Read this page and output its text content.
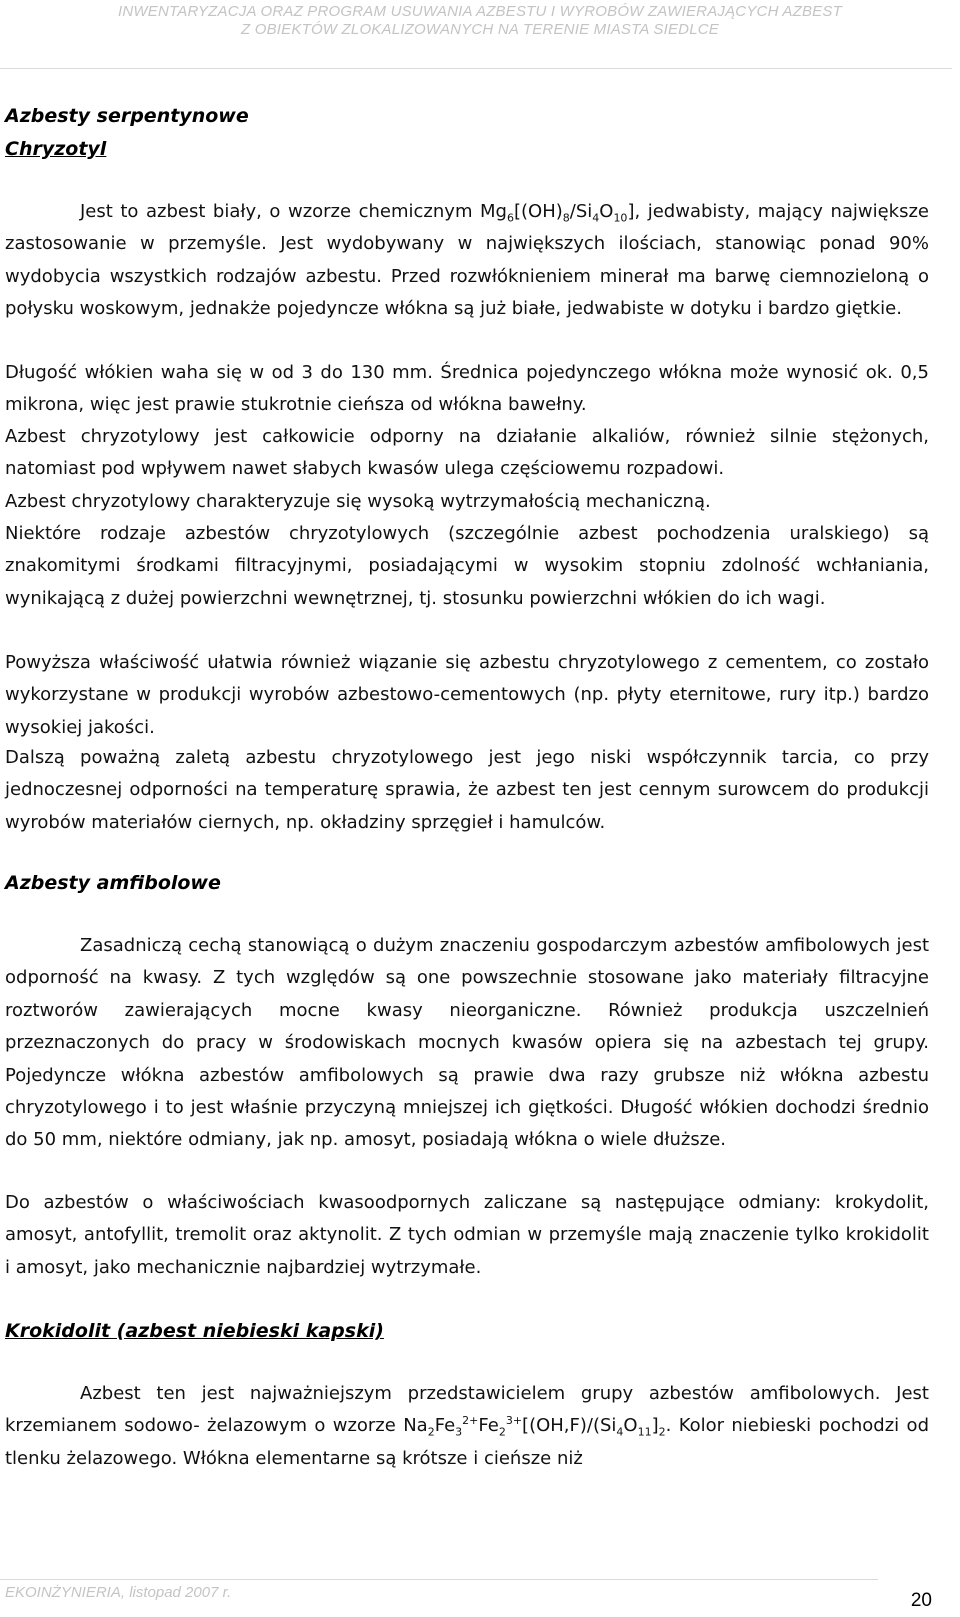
INWENTARYZACJA ORAZ PROGRAM USUWANIA AZBESTU I WYROBÓW ZAWIERAJĄCYCH AZBEST
Z OBIEKTÓW ZLOKALIZOWANYCH NA TERENIE MIASTA SIEDLCE
Azbesty serpentynowe
Chryzotyl

Jest to azbest biały, o wzorze chemicznym $Mg_6[(OH)_8/Si_4O_{10}]$, jedwabisty, mający największe zastosowanie w przemyśle. Jest wydobywany w największych ilościach, stanowiąc ponad 90% wydobycia wszystkich rodzajów azbestu. Przed rozwłóknieniem minerał ma barwę ciemnozieloną o połysku woskowym, jednakże pojedyncze włókna są już białe, jedwabiste w dotyku i bardzo giętkie.

Długość włókien waha się w od 3 do 130 mm. Średnica pojedynczego włókna może wynosić ok. 0,5 mikrona, więc jest prawie stukrotnie cieńsza od włókna bawełny.

Azbest chryzotylowy jest całkowicie odporny na działanie alkaliów, również silnie stężonych, natomiast pod wpływem nawet słabych kwasów ulega częściowemu rozpadowi.

Azbest chryzotylowy charakteryzuje się wysoką wytrzymałością mechaniczną.

Niektóre rodzaje azbestów chryzotylowych (szczególnie azbest pochodzenia uralskiego) są znakomitymi środkami filtracyjnymi, posiadającymi w wysokim stopniu zdolność wchłaniania, wynikającą z dużej powierzchni wewnętrznej, tj. stosunku powierzchni włókien do ich wagi.

Powyższa właściwość ułatwia również wiązanie się azbestu chryzotylowego z cementem, co zostało wykorzystane w produkcji wyrobów azbestowo-cementowych (np. płyty eternitowe, rury itp.) bardzo wysokiej jakości.

Dalszą poważną zaletą azbestu chryzotylowego jest jego niski współczynnik tarcia, co przy jednoczesnej odporności na temperaturę sprawia, że azbest ten jest cennym surowcem do produkcji wyrobów materiałów ciernych, np. okładziny sprzęgieł i hamulców.

Azbesty amfibolowe

Zasadniczą cechą stanowiącą o dużym znaczeniu gospodarczym azbestów amfibolowych jest odporność na kwasy. Z tych względów są one powszechnie stosowane jako materiały filtracyjne roztworów zawierających mocne kwasy nieorganiczne. Również produkcja uszczelnień przeznaczonych do pracy w środowiskach mocnych kwasów opiera się na azbestach tej grupy. Pojedyncze włókna azbestów amfibolowych są prawie dwa razy grubsze niż włókna azbestu chryzotylowego i to jest właśnie przyczyną mniejszej ich giętkości. Długość włókien dochodzi średnio do 50 mm, niektóre odmiany, jak np. amosyt, posiadają włókna o wiele dłuższe.

Do azbestów o właściwościach kwasoodpornych zaliczane są następujące odmiany: krokydolit, amosyt, antofyllit, tremolit oraz aktynolit. Z tych odmian w przemyśle mają znaczenie tylko krokidolit i amosyt, jako mechanicznie najbardziej wytrzymałe.

Krokidolit (azbest niebieski kapski)

Azbest ten jest najważniejszym przedstawicielem grupy azbestów amfibolowych. Jest krzemianem sodowo- żelazowym o wzorze $Na_2Fe_3^{2+}Fe_2^{3+}[(OH,F)/(Si_4O_{11}]_2$. Kolor niebieski pochodzi od tlenku żelazowego. Włókna elementarne są krótsze i cieńsze niż

EKOINŻYNIERIA, listopad 2007 r.	20
